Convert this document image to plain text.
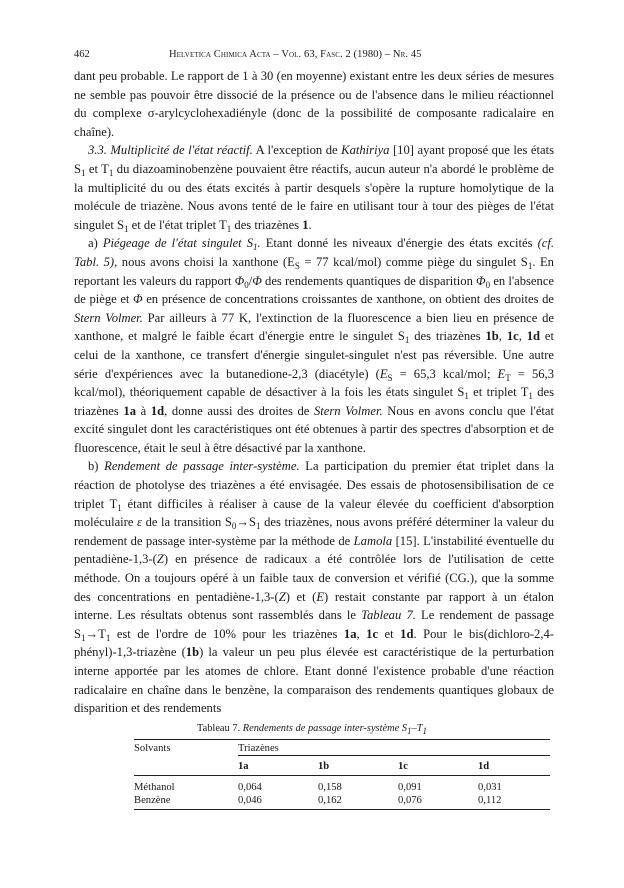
462	Helvetica Chimica Acta – Vol. 63, Fasc. 2 (1980) – Nr. 45

dant peu probable. Le rapport de 1 à 30 (en moyenne) existant entre les deux séries de mesures ne semble pas pouvoir être dissocié de la présence ou de l'absence dans le milieu réactionnel du complexe σ-arylcyclohexadiényle (donc de la possibilité de composante radicalaire en chaîne).

3.3. Multiplicité de l'état réactif. A l'exception de Kathiriya [10] ayant proposé que les états $S_1$ et $T_1$ du diazoaminobenzène pouvaient être réactifs, aucun auteur n'a abordé le problème de la multiplicité du ou des états excités à partir desquels s'opère la rupture homolytique de la molécule de triazène. Nous avons tenté de le faire en utilisant tour à tour des pièges de l'état singulet $S_1$ et de l'état triplet $T_1$ des triazènes 1.

a) Piégeage de l'état singulet $S_1$. Etant donné les niveaux d'énergie des états excités (cf. Tabl. 5), nous avons choisi la xanthone ($E_S = 77$ kcal/mol) comme piège du singulet $S_1$. En reportant les valeurs du rapport $\Phi_0/\Phi$ des rendements quantiques de disparition $\Phi_0$ en l'absence de piège et Φ en présence de concentrations croissantes de xanthone, on obtient des droites de Stern Volmer. Par ailleurs à 77 K, l'extinction de la fluorescence a bien lieu en présence de xanthone, et malgré le faible écart d'énergie entre le singulet $S_1$ des triazènes 1b, 1c, 1d et celui de la xanthone, ce transfert d'énergie singulet-singulet n'est pas réversible. Une autre série d'expériences avec la butanedione-2,3 (diacétyle) ($E_S = 65,3$ kcal/mol; $E_T = 56,3$ kcal/mol), théoriquement capable de désactiver à la fois les états singulet $S_1$ et triplet $T_1$ des triazènes 1a à 1d, donne aussi des droites de Stern Volmer. Nous en avons conclu que l'état excité singulet dont les caractéristiques ont été obtenues à partir des spectres d'absorption et de fluorescence, était le seul à être désactivé par la xanthone.

b) Rendement de passage inter-système. La participation du premier état triplet dans la réaction de photolyse des triazènes a été envisagée. Des essais de photosensibilisation de ce triplet $T_1$ étant difficiles à réaliser à cause de la valeur élevée du coefficient d'absorption moléculaire ε de la transition $S_0\to S_1$ des triazènes, nous avons préféré déterminer la valeur du rendement de passage inter-système par la méthode de Lamola [15]. L'instabilité éventuelle du pentadiène-1,3-(Z) en présence de radicaux a été contrôlée lors de l'utilisation de cette méthode. On a toujours opéré à un faible taux de conversion et vérifié (CG.), que la somme des concentrations en pentadiène-1,3-(Z) et (E) restait constante par rapport à un étalon interne. Les résultats obtenus sont rassemblés dans le Tableau 7. Le rendement de passage $S_1\to T_1$ est de l'ordre de 10% pour les triazènes 1a, 1c et 1d. Pour le bis(dichloro-2,4-phényl)-1,3-triazène (1b) la valeur un peu plus élevée est caractéristique de la perturbation interne apportée par les atomes de chlore. Etant donné l'existence probable d'une réaction radicalaire en chaîne dans le benzène, la comparaison des rendements quantiques globaux de disparition et des rendements

Tableau 7. Rendements de passage inter-système S1–T1

Solvants	Triazènes			
	1a	1b	1c	1d

Méthanol	0,064	0,158	0,091	0,031
Benzène	0,046	0,162	0,076	0,112
